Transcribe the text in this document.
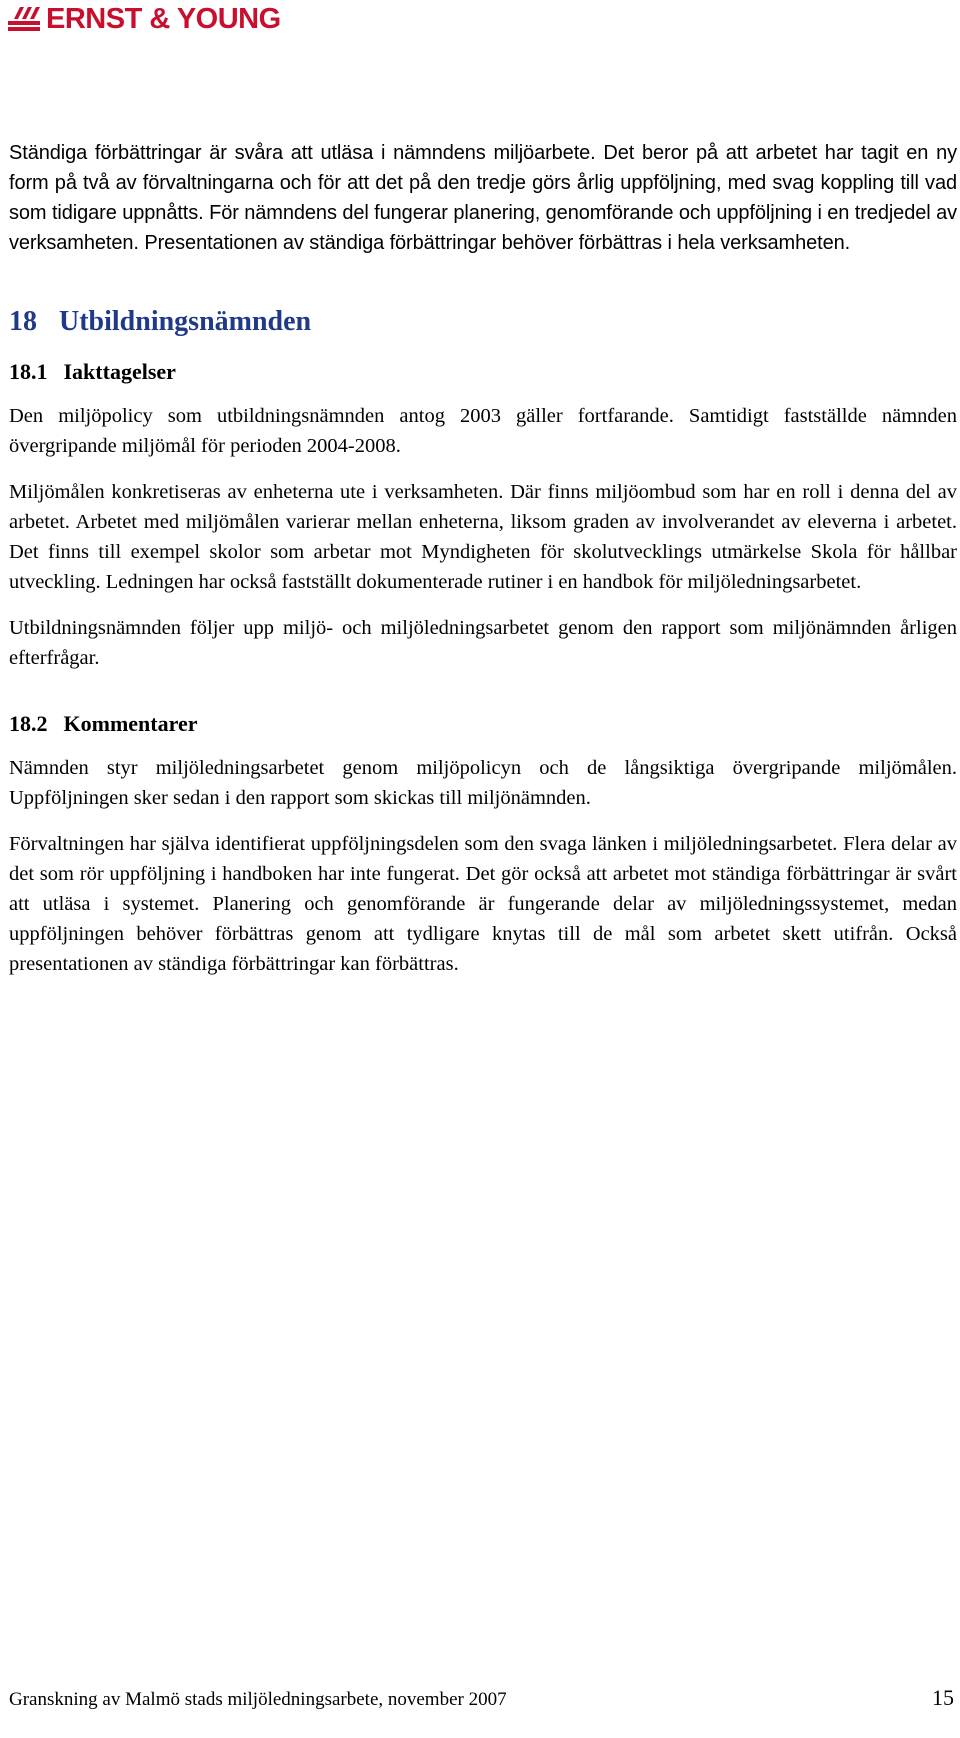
ERNST & YOUNG

Ständiga förbättringar är svåra att utläsa i nämndens miljöarbete. Det beror på att arbetet har tagit en ny form på två av förvaltningarna och för att det på den tredje görs årlig uppföljning, med svag koppling till vad som tidigare uppnåtts. För nämndens del fungerar planering, genomförande och uppföljning i en tredjedel av verksamheten. Presentationen av ständiga förbättringar behöver förbättras i hela verksamheten.

18 Utbildningsnämnden
18.1 Iakttagelser

Den miljöpolicy som utbildningsnämnden antog 2003 gäller fortfarande. Samtidigt fastställde nämnden övergripande miljömål för perioden 2004-2008.

Miljömålen konkretiseras av enheterna ute i verksamheten. Där finns miljöombud som har en roll i denna del av arbetet. Arbetet med miljömålen varierar mellan enheterna, liksom graden av involverandet av eleverna i arbetet. Det finns till exempel skolor som arbetar mot Myndigheten för skolutvecklings utmärkelse Skola för hållbar utveckling. Ledningen har också fastställt dokumenterade rutiner i en handbok för miljöledningsarbetet.

Utbildningsnämnden följer upp miljö- och miljöledningsarbetet genom den rapport som miljönämnden årligen efterfrågar.

18.2 Kommentarer

Nämnden styr miljöledningsarbetet genom miljöpolicyn och de långsiktiga övergripande miljömålen. Uppföljningen sker sedan i den rapport som skickas till miljönämnden.

Förvaltningen har själva identifierat uppföljningsdelen som den svaga länken i miljöledningsarbetet. Flera delar av det som rör uppföljning i handboken har inte fungerat. Det gör också att arbetet mot ständiga förbättringar är svårt att utläsa i systemet. Planering och genomförande är fungerande delar av miljöledningssystemet, medan uppföljningen behöver förbättras genom att tydligare knytas till de mål som arbetet skett utifrån. Också presentationen av ständiga förbättringar kan förbättras.

Granskning av Malmö stads miljöledningsarbete, november 2007	15
